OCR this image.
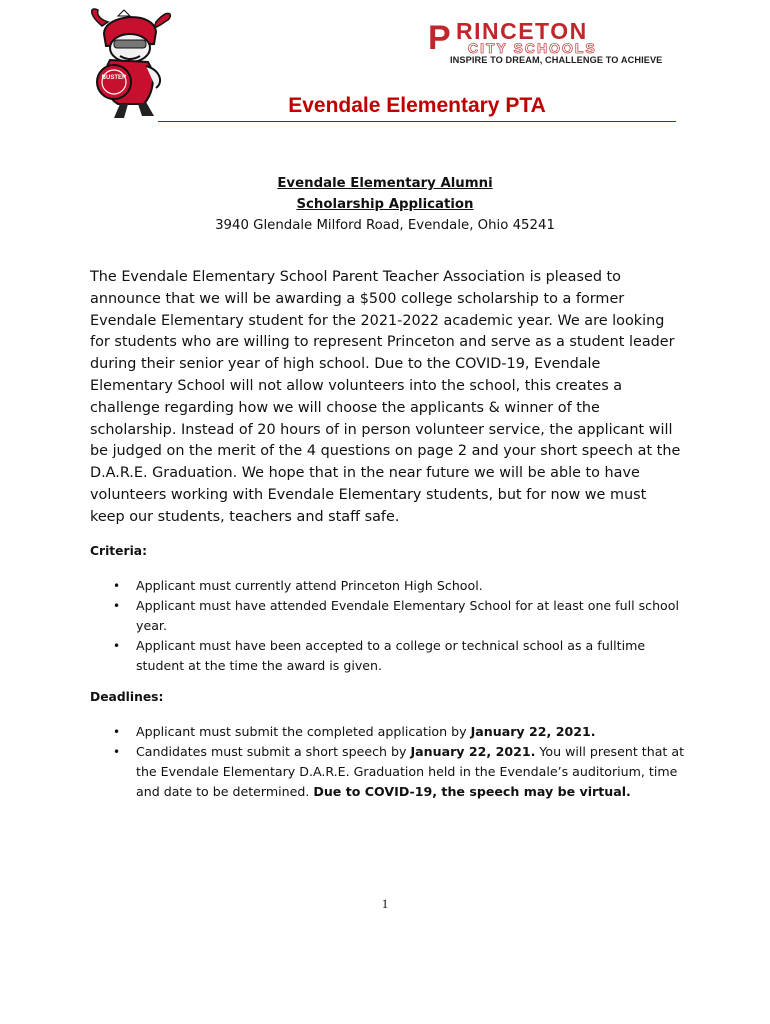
BUSTER
P RINCETON
CITY SCHOOLS
INSPIRE TO DREAM, CHALLENGE TO ACHIEVE
Evendale Elementary PTA
Evendale Elementary Alumni
Scholarship Application
3940 Glendale Milford Road, Evendale, Ohio 45241

The Evendale Elementary School Parent Teacher Association is pleased to announce that we will be awarding a $500 college scholarship to a former Evendale Elementary student for the 2021-2022 academic year. We are looking for students who are willing to represent Princeton and serve as a student leader during their senior year of high school. Due to the COVID-19, Evendale Elementary School will not allow volunteers into the school, this creates a challenge regarding how we will choose the applicants & winner of the scholarship. Instead of 20 hours of in person volunteer service, the applicant will be judged on the merit of the 4 questions on page 2 and your short speech at the D.A.R.E. Graduation. We hope that in the near future we will be able to have volunteers working with Evendale Elementary students, but for now we must keep our students, teachers and staff safe.

Criteria:
• Applicant must currently attend Princeton High School.
• Applicant must have attended Evendale Elementary School for at least one full school year.
• Applicant must have been accepted to a college or technical school as a fulltime student at the time the award is given.
Deadlines:
• Applicant must submit the completed application by January 22, 2021.
• Candidates must submit a short speech by January 22, 2021. You will present that at the Evendale Elementary D.A.R.E. Graduation held in the Evendale’s auditorium, time and date to be determined. Due to COVID-19, the speech may be virtual.
1
